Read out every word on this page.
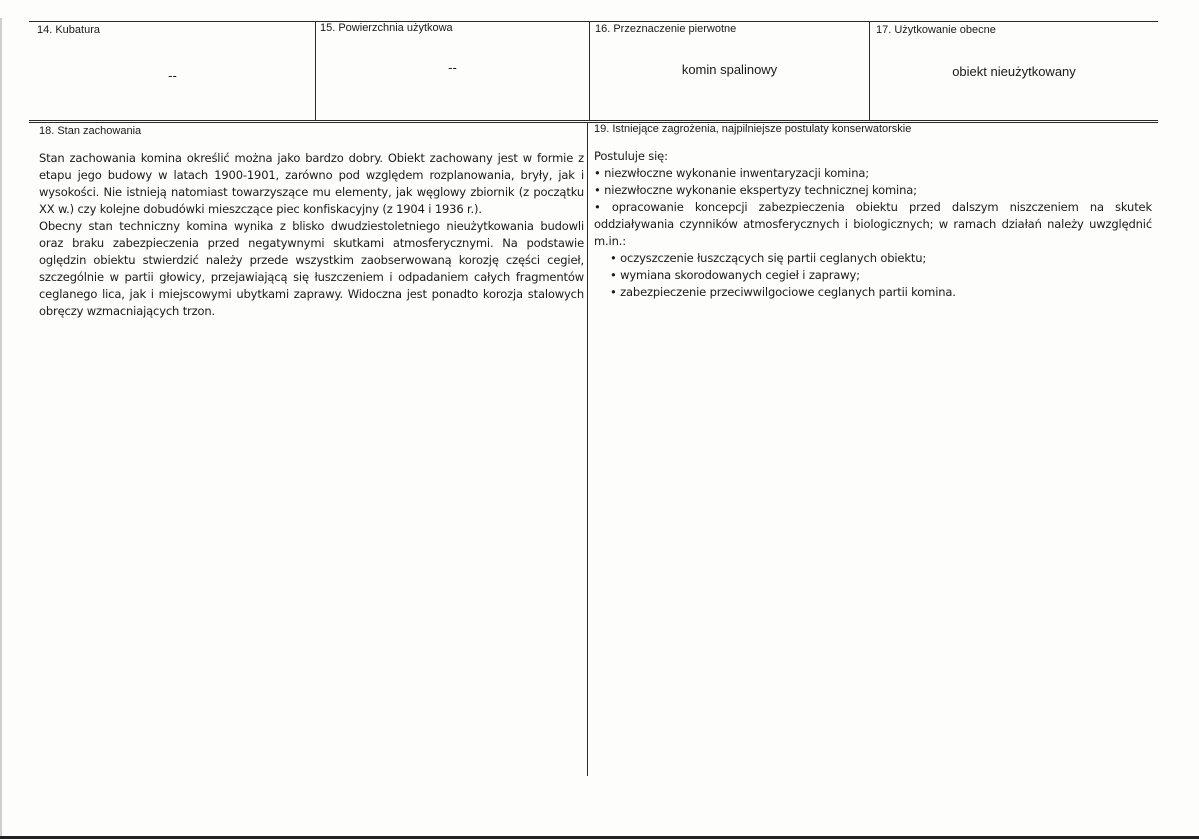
14. Kubatura
--
15. Powierzchnia użytkowa
--
16. Przeznaczenie pierwotne
komin spalinowy
17. Użytkowanie obecne
obiekt nieużytkowany
18. Stan zachowania

Stan zachowania komina określić można jako bardzo dobry. Obiekt zachowany jest w formie z etapu jego budowy w latach 1900-1901, zarówno pod względem rozplanowania, bryły, jak i wysokości. Nie istnieją natomiast towarzyszące mu elementy, jak węglowy zbiornik (z początku XX w.) czy kolejne dobudówki mieszczące piec konfiskacyjny (z 1904 i 1936 r.).

Obecny stan techniczny komina wynika z blisko dwudziestoletniego nieużytkowania budowli oraz braku zabezpieczenia przed negatywnymi skutkami atmosferycznymi. Na podstawie oględzin obiektu stwierdzić należy przede wszystkim zaobserwowaną korozję części cegieł, szczególnie w partii głowicy, przejawiającą się łuszczeniem i odpadaniem całych fragmentów ceglanego lica, jak i miejscowymi ubytkami zaprawy. Widoczna jest ponadto korozja stalowych obręczy wzmacniających trzon.

19. Istniejące zagrożenia, najpilniejsze postulaty konserwatorskie

Postuluje się:

• niezwłoczne wykonanie inwentaryzacji komina;

• niezwłoczne wykonanie ekspertyzy technicznej komina;

• opracowanie koncepcji zabezpieczenia obiektu przed dalszym niszczeniem na skutek oddziaływania czynników atmosferycznych i biologicznych; w ramach działań należy uwzględnić m.in.:

• oczyszczenie łuszczących się partii ceglanych obiektu;

• wymiana skorodowanych cegieł i zaprawy;

• zabezpieczenie przeciwwilgociowe ceglanych partii komina.
